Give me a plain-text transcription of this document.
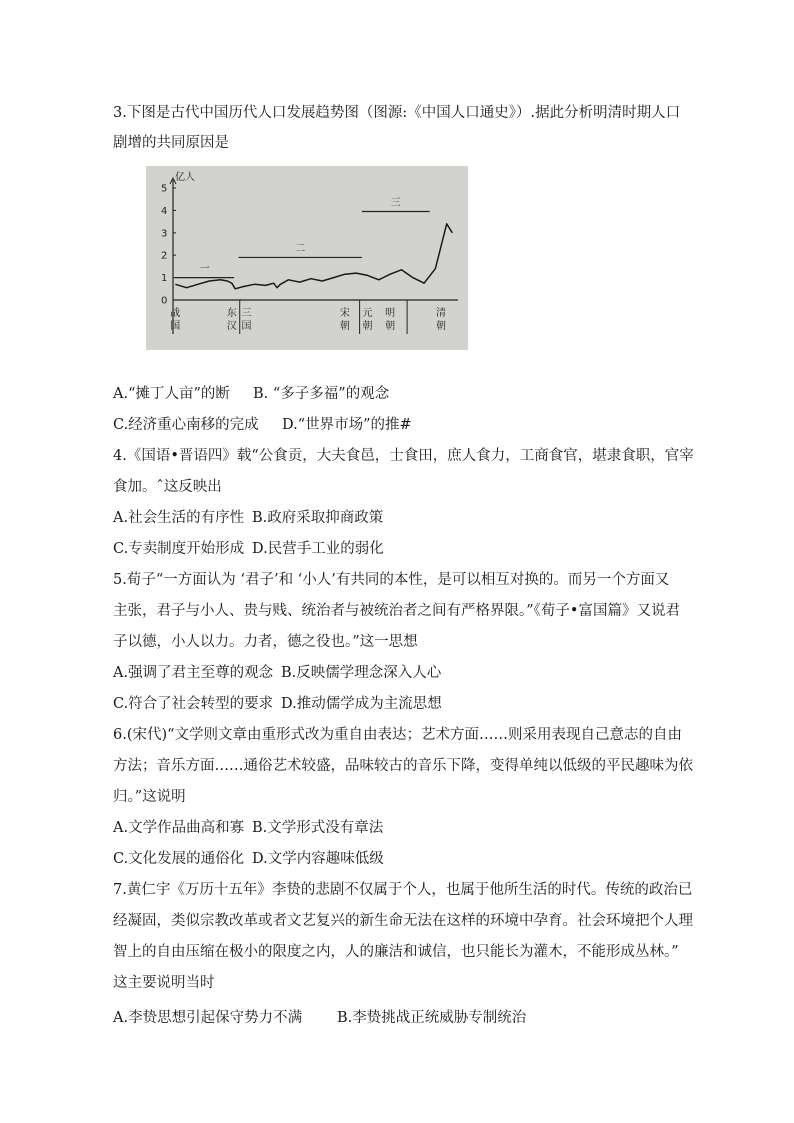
3.下图是古代中国历代人口发展趋势图（图源:《中国人口通史》）.据此分析明清时期人口
剧增的共同原因是
亿人
0
1
2
3
4
5
战
国
东
汉
三
国
宋
朝
元
朝
明
朝
清
朝
一
二
三
A.“摊丁人亩”的断 B. “多子多福”的观念
C.经济重心南移的完成 D.“世界市场”的推#
4.《国语•晋语四》载“公食贡，大夫食邑，士食田，庶人食力，工商食官，堪隶食职，官宰
食加。ˆ这反映出
A.社会生活的有序性 B.政府采取抑商政策
C.专卖制度开始形成 D.民营手工业的弱化
5.荀子“一方面认为 ‘君子’和 ‘小人’有共同的本性，是可以相互对换的。而另一个方面又
主张，君子与小人、贵与贱、统治者与被统治者之间有严格界限。”《荀子•富国篇》又说君
子以德，小人以力。力者，德之役也。”这一思想
A.强调了君主至尊的观念 B.反映儒学理念深入人心
C.符合了社会转型的要求 D.推动儒学成为主流思想
6.(宋代)“文学则文章由重形式改为重自由表达；艺术方面……则采用表现自己意志的自由
方法；音乐方面……通俗艺术较盛，品味较古的音乐下降，变得单纯以低级的平民趣味为依
归。”这说明
A.文学作品曲高和寡 B.文学形式没有章法
C.文化发展的通俗化 D.文学内容趣味低级
7.黄仁宇《万历十五年》李贽的悲剧不仅属于个人，也属于他所生活的时代。传统的政治已
经凝固，类似宗教改革或者文艺复兴的新生命无法在这样的环境中孕育。社会环境把个人理
智上的自由压缩在极小的限度之内，人的廉洁和诚信，也只能长为灌木，不能形成丛林。”
这主要说明当时
A.李贽思想引起保守势力不满 B.李贽挑战正统威胁专制统治
